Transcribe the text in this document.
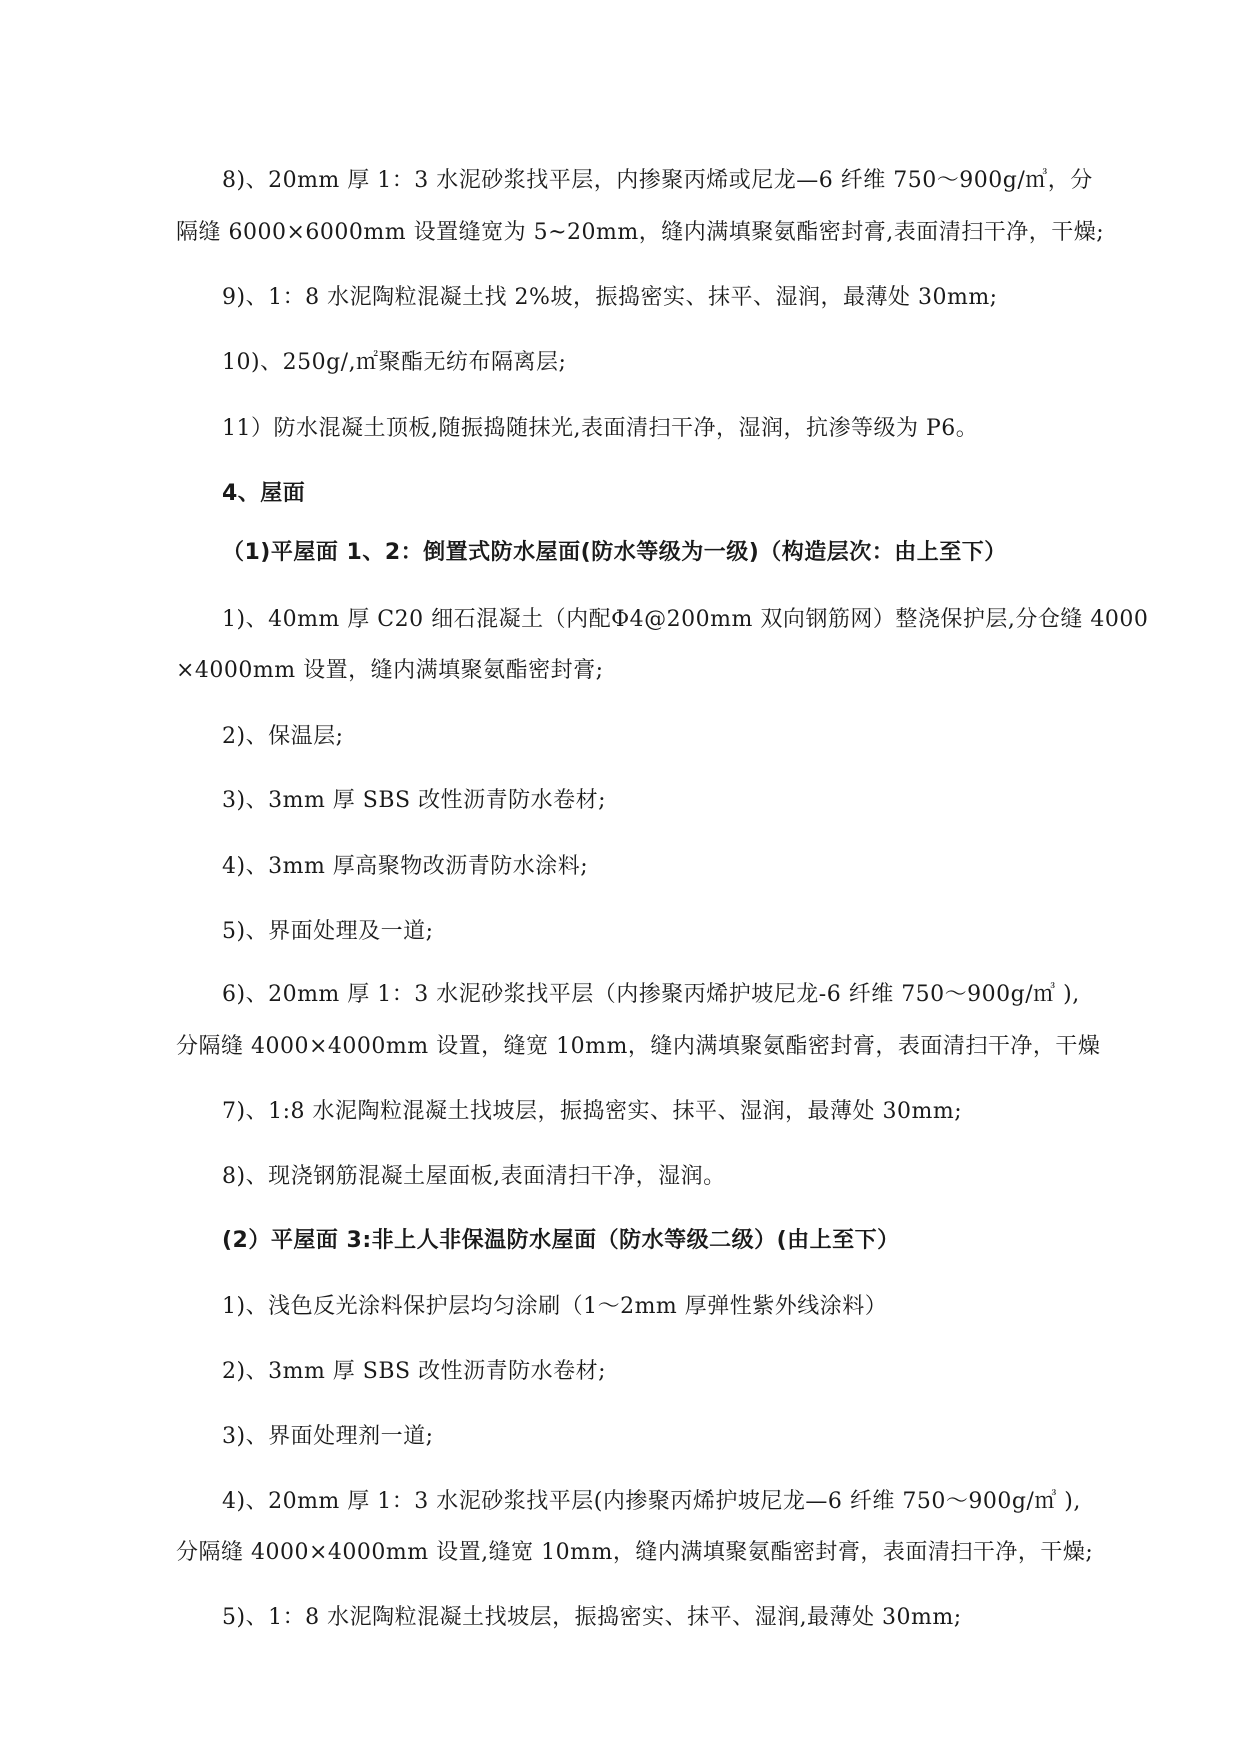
8)、20mm 厚 1：3 水泥砂浆找平层，内掺聚丙烯或尼龙—6 纤维 750～900g/㎥，分
隔缝 6000×6000mm 设置缝宽为 5~20mm，缝内满填聚氨酯密封膏,表面清扫干净，干燥;
9)、1：8 水泥陶粒混凝土找 2%坡，振捣密实、抹平、湿润，最薄处 30mm;
10)、250g/,㎡聚酯无纺布隔离层;
11）防水混凝土顶板,随振捣随抹光,表面清扫干净，湿润，抗渗等级为 P6。
4、屋面
（1)平屋面 1、2：倒置式防水屋面(防水等级为一级)（构造层次：由上至下）
1)、40mm 厚 C20 细石混凝土（内配Φ4@200mm 双向钢筋网）整浇保护层,分仓缝 4000
×4000mm 设置，缝内满填聚氨酯密封膏;
2)、保温层;
3)、3mm 厚 SBS 改性沥青防水卷材;
4)、3mm 厚高聚物改沥青防水涂料;
5)、界面处理及一道;
6)、20mm 厚 1：3 水泥砂浆找平层（内掺聚丙烯护坡尼龙-6 纤维 750～900g/㎥ ),
分隔缝 4000×4000mm 设置，缝宽 10mm，缝内满填聚氨酯密封膏，表面清扫干净，干燥
7)、1:8 水泥陶粒混凝土找坡层，振捣密实、抹平、湿润，最薄处 30mm;
8)、现浇钢筋混凝土屋面板,表面清扫干净，湿润。
(2）平屋面 3:非上人非保温防水屋面（防水等级二级）(由上至下）
1)、浅色反光涂料保护层均匀涂刷（1～2mm 厚弹性紫外线涂料）
2)、3mm 厚 SBS 改性沥青防水卷材;
3)、界面处理剂一道;
4)、20mm 厚 1：3 水泥砂浆找平层(内掺聚丙烯护坡尼龙—6 纤维 750～900g/㎥ ),
分隔缝 4000×4000mm 设置,缝宽 10mm，缝内满填聚氨酯密封膏，表面清扫干净，干燥;
5)、1：8 水泥陶粒混凝土找坡层，振捣密实、抹平、湿润,最薄处 30mm;
